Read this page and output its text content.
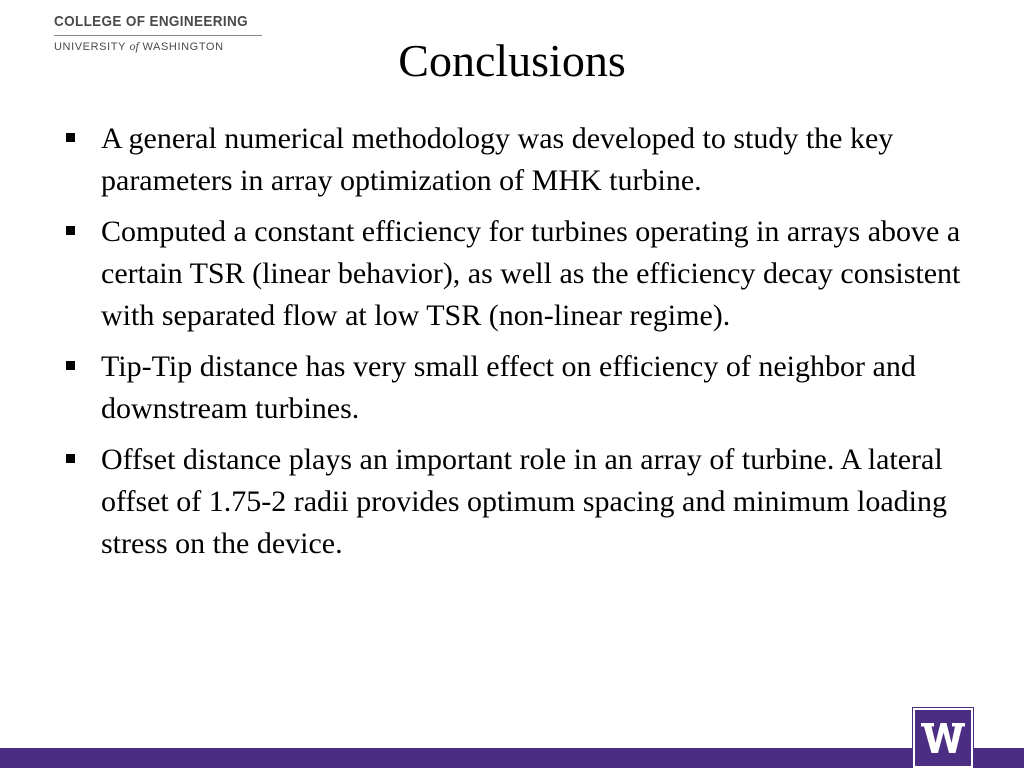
COLLEGE OF ENGINEERING
UNIVERSITY of WASHINGTON	Conclusions
A general numerical methodology was developed to study the key parameters in array optimization of MHK turbine.
Computed a constant efficiency for turbines operating in arrays above a certain TSR (linear behavior), as well as the efficiency decay consistent with separated flow at low TSR (non-linear regime).
Tip-Tip distance has very small effect on efficiency of neighbor and downstream turbines.
Offset distance plays an important role in an array of turbine. A lateral offset of 1.75-2 radii provides optimum spacing and minimum loading stress on the device.
